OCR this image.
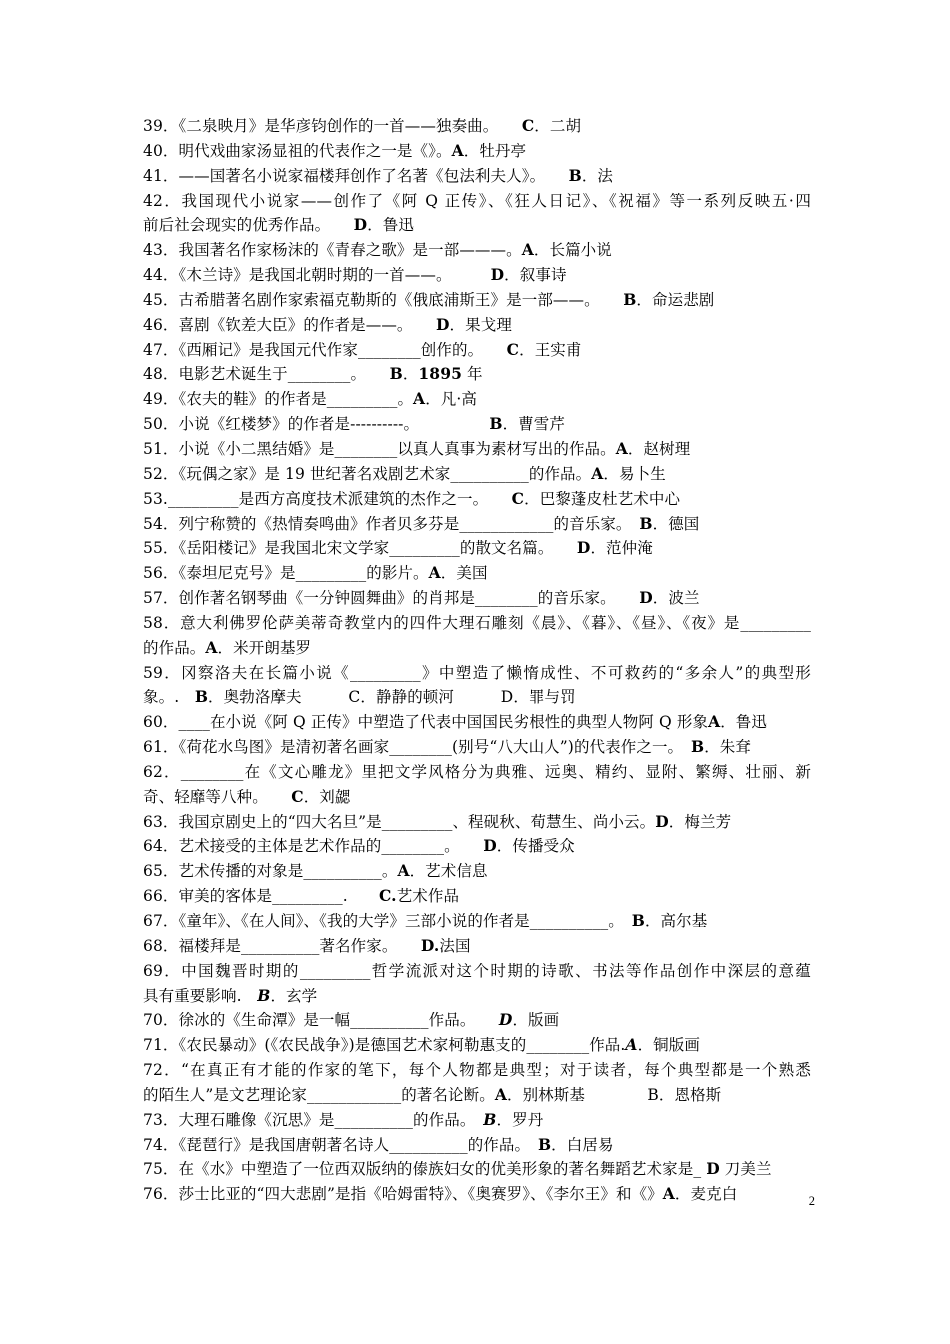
39．《二泉映月》是华彦钧创作的一首——独奏曲。　　C．二胡
40．明代戏曲家汤显祖的代表作之一是《》。A．牡丹亭
41．——国著名小说家福楼拜创作了名著《包法利夫人》。　　B．法
42．我国现代小说家——创作了《阿 Q 正传》、《狂人日记》、《祝福》等一系列反映五·四
前后社会现实的优秀作品。　　D．鲁迅
43．我国著名作家杨沫的《青春之歌》是一部———。A．长篇小说
44．《木兰诗》是我国北朝时期的一首——。　　　D．叙事诗
45．古希腊著名剧作家索福克勒斯的《俄底浦斯王》是一部——。　　B．命运悲剧
46．喜剧《钦差大臣》的作者是——。　　D．果戈理
47．《西厢记》是我国元代作家________创作的。　　C．王实甫
48．电影艺术诞生于________。　　B．1895 年
49．《农夫的鞋》的作者是_________。A．凡·高
50．小说《红楼梦》的作者是----------。　　　　　B．曹雪芹
51．小说《小二黑结婚》是________以真人真事为素材写出的作品。A．赵树理
52．《玩偶之家》是 19 世纪著名戏剧艺术家__________的作品。A．易卜生
53._________是西方高度技术派建筑的杰作之一。　　C．巴黎蓬皮杜艺术中心
54．列宁称赞的《热情奏鸣曲》作者贝多芬是____________的音乐家。　B．德国
55．《岳阳楼记》是我国北宋文学家_________的散文名篇。　　D．范仲淹
56．《泰坦尼克号》是_________的影片。A．美国
57．创作著名钢琴曲《一分钟圆舞曲》的肖邦是________的音乐家。　　D．波兰
58．意大利佛罗伦萨美蒂奇教堂内的四件大理石雕刻《晨》、《暮》、《昼》、《夜》是_________
的作品。A．米开朗基罗
59．冈察洛夫在长篇小说《_________》中塑造了懒惰成性、不可救药的“多余人”的典型形
象。.　B．奥勃洛摩夫　　　C．静静的顿河　　　D．罪与罚
60．____在小说《阿 Q 正传》中塑造了代表中国国民劣根性的典型人物阿 Q 形象A．鲁迅
61．《荷花水鸟图》是清初著名画家________(别号“八大山人”)的代表作之一。　B．朱耷
62．________在《文心雕龙》里把文学风格分为典雅、远奥、精约、显附、繁缛、壮丽、新
奇、轻靡等八种。　　C．刘勰
63．我国京剧史上的“四大名旦”是_________、程砚秋、荀慧生、尚小云。D．梅兰芳
64．艺术接受的主体是艺术作品的________。　　D．传播受众
65．艺术传播的对象是__________。A．艺术信息
66．审美的客体是_________.　　C.艺术作品
67．《童年》、《在人间》、《我的大学》三部小说的作者是__________。　B．高尔基
68．福楼拜是__________著名作家。　　D.法国
69．中国魏晋时期的_________哲学流派对这个时期的诗歌、书法等作品创作中深层的意蕴
具有重要影响.　B．玄学
70．徐冰的《生命潭》是一幅__________作品。　　D．版画
71．《农民暴动》(《农民战争》)是德国艺术家柯勒惠支的________作品.A．铜版画
72．“在真正有才能的作家的笔下，每个人物都是典型；对于读者，每个典型都是一个熟悉
的陌生人”是文艺理论家____________的著名论断。A．别林斯基　　　　B．恩格斯
73．大理石雕像《沉思》是__________的作品。　B．罗丹
74．《琵琶行》是我国唐朝著名诗人__________的作品。　B．白居易
75．在《水》中塑造了一位西双版纳的傣族妇女的优美形象的著名舞蹈艺术家是_ D 刀美兰
76．莎士比亚的“四大悲剧”是指《哈姆雷特》、《奥赛罗》、《李尔王》和《》A．麦克白	2
